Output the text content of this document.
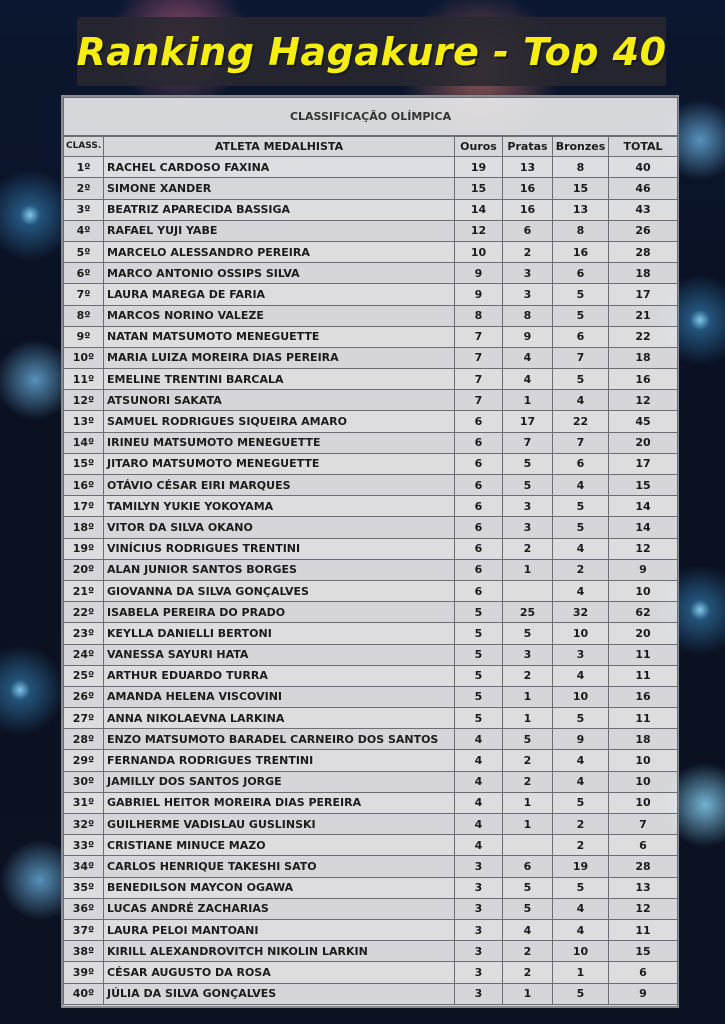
Ranking Hagakure - Top 40
CLASSIFICAÇÃO OLÍMPICA					
CLASS.	ATLETA MEDALHISTA	Ouros	Pratas	Bronzes	TOTAL
1º	RACHEL CARDOSO FAXINA	19	13	8	40
2º	SIMONE XANDER	15	16	15	46
3º	BEATRIZ APARECIDA BASSIGA	14	16	13	43
4º	RAFAEL YUJI YABE	12	6	8	26
5º	MARCELO ALESSANDRO PEREIRA	10	2	16	28
6º	MARCO ANTONIO OSSIPS SILVA	9	3	6	18
7º	LAURA MAREGA DE FARIA	9	3	5	17
8º	MARCOS NORINO VALEZE	8	8	5	21
9º	NATAN MATSUMOTO MENEGUETTE	7	9	6	22
10º	MARIA LUIZA MOREIRA DIAS PEREIRA	7	4	7	18
11º	EMELINE TRENTINI BARCALA	7	4	5	16
12º	ATSUNORI SAKATA	7	1	4	12
13º	SAMUEL RODRIGUES SIQUEIRA AMARO	6	17	22	45
14º	IRINEU MATSUMOTO MENEGUETTE	6	7	7	20
15º	JITARO MATSUMOTO MENEGUETTE	6	5	6	17
16º	OTÁVIO CÉSAR EIRI MARQUES	6	5	4	15
17º	TAMILYN YUKIE YOKOYAMA	6	3	5	14
18º	VITOR DA SILVA OKANO	6	3	5	14
19º	VINÍCIUS RODRIGUES TRENTINI	6	2	4	12
20º	ALAN JUNIOR SANTOS BORGES	6	1	2	9
21º	GIOVANNA DA SILVA GONÇALVES	6		4	10
22º	ISABELA PEREIRA DO PRADO	5	25	32	62
23º	KEYLLA DANIELLI BERTONI	5	5	10	20
24º	VANESSA SAYURI HATA	5	3	3	11
25º	ARTHUR EDUARDO TURRA	5	2	4	11
26º	AMANDA HELENA VISCOVINI	5	1	10	16
27º	ANNA NIKOLAEVNA LARKINA	5	1	5	11
28º	ENZO MATSUMOTO BARADEL CARNEIRO DOS SANTOS	4	5	9	18
29º	FERNANDA RODRIGUES TRENTINI	4	2	4	10
30º	JAMILLY DOS SANTOS JORGE	4	2	4	10
31º	GABRIEL HEITOR MOREIRA DIAS PEREIRA	4	1	5	10
32º	GUILHERME VADISLAU GUSLINSKI	4	1	2	7
33º	CRISTIANE MINUCE MAZO	4		2	6
34º	CARLOS HENRIQUE TAKESHI SATO	3	6	19	28
35º	BENEDILSON MAYCON OGAWA	3	5	5	13
36º	LUCAS ANDRÉ ZACHARIAS	3	5	4	12
37º	LAURA PELOI MANTOANI	3	4	4	11
38º	KIRILL ALEXANDROVITCH NIKOLIN LARKIN	3	2	10	15
39º	CÉSAR AUGUSTO DA ROSA	3	2	1	6
40º	JÚLIA DA SILVA GONÇALVES	3	1	5	9
